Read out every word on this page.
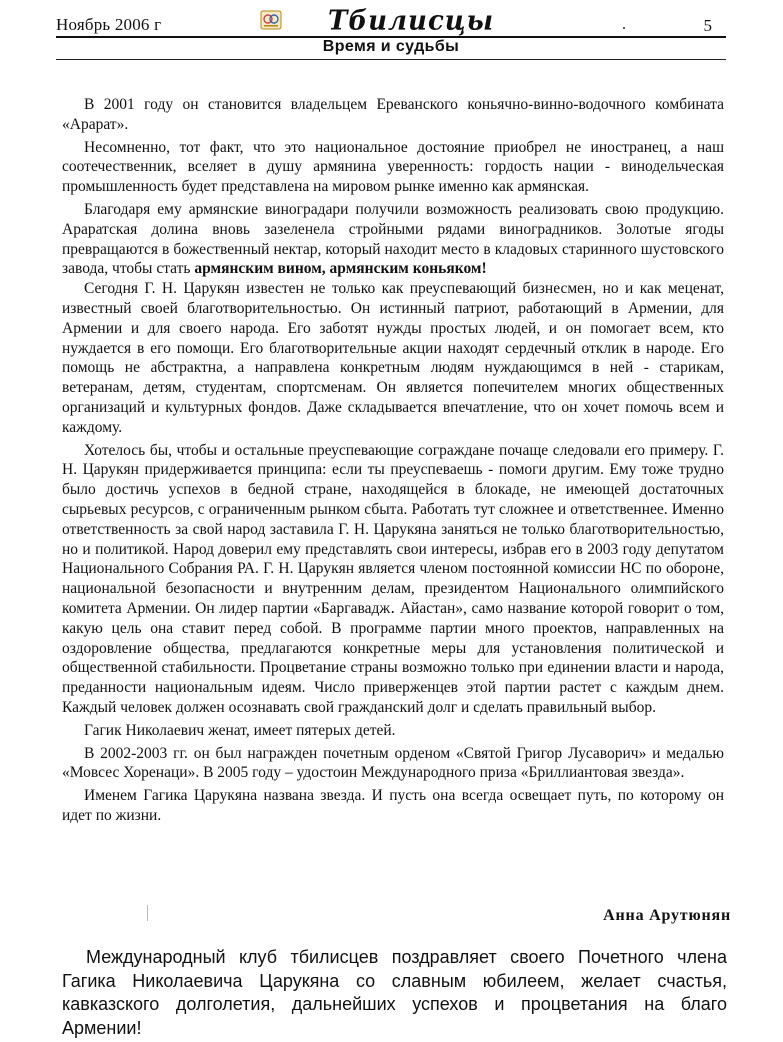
Ноябрь 2006 г	Тбилисцы	.	5
Время и судьбы

В 2001 году он становится владельцем Ереванского коньячно-винно-водочного комбината «Арарат».

Несомненно, тот факт, что это национальное достояние приобрел не иностранец, а наш соотечественник, вселяет в душу армянина уверенность: гордость нации - винодельческая промышленность будет представлена на мировом рынке именно как армянская.

Благодаря ему армянские виноградари получили возможность реализовать свою продукцию. Араратская долина вновь зазеленела стройными рядами виноградников. Золотые ягоды превращаются в божественный нектар, который находит место в кладовых старинного шустовского завода, чтобы стать армянским вином, армянским коньяком!

Сегодня Г. Н. Царукян известен не только как преуспевающий бизнесмен, но и как меценат, известный своей благотворительностью. Он истинный патриот, работающий в Армении, для Армении и для своего народа. Его заботят нужды простых людей, и он помогает всем, кто нуждается в его помощи. Его благотворительные акции находят сердечный отклик в народе. Его помощь не абстрактна, а направлена конкретным людям нуждающимся в ней - старикам, ветеранам, детям, студентам, спортсменам. Он является попечителем многих общественных организаций и культурных фондов. Даже складывается впечатление, что он хочет помочь всем и каждому.

Хотелось бы, чтобы и остальные преуспевающие сограждане почаще следовали его примеру. Г. Н. Царукян придерживается принципа: если ты преуспеваешь - помоги другим. Ему тоже трудно было достичь успехов в бедной стране, находящейся в блокаде, не имеющей достаточных сырьевых ресурсов, с ограниченным рынком сбыта. Работать тут сложнее и ответственнее. Именно ответственность за свой народ заставила Г. Н. Царукяна заняться не только благотворительностью, но и политикой. Народ доверил ему представлять свои интересы, избрав его в 2003 году депутатом Национального Собрания РА. Г. Н. Царукян является членом постоянной комиссии НС по обороне, национальной безопасности и внутренним делам, президентом Национального олимпийского комитета Армении. Он лидер партии «Баргавадж․ Айастан», само название которой говорит о том, какую цель она ставит перед собой. В программе партии много проектов, направленных на оздоровление общества, предлагаются конкретные меры для установления политической и общественной стабильности. Процветание страны возможно только при единении власти и народа, преданности национальным идеям. Число приверженцев этой партии растет с каждым днем. Каждый человек должен осознавать свой гражданский долг и сделать правильный выбор.

Гагик Николаевич женат, имеет пятерых детей.

В 2002-2003 гг. он был награжден почетным орденом «Святой Григор Лусаворич» и медалью «Мовсес Хоренаци». В 2005 году – удостоин Международного приза «Бриллиантовая звезда».

Именем Гагика Царукяна названа звезда. И пусть она всегда освещает путь, по которому он идет по жизни.

Анна Арутюнян
Международный клуб тбилисцев поздравляет своего Почетного члена Гагика Николаевича Царукяна со славным юбилеем, желает счастья, кавказского долголетия, дальнейших успехов и процветания на благо Армении!
